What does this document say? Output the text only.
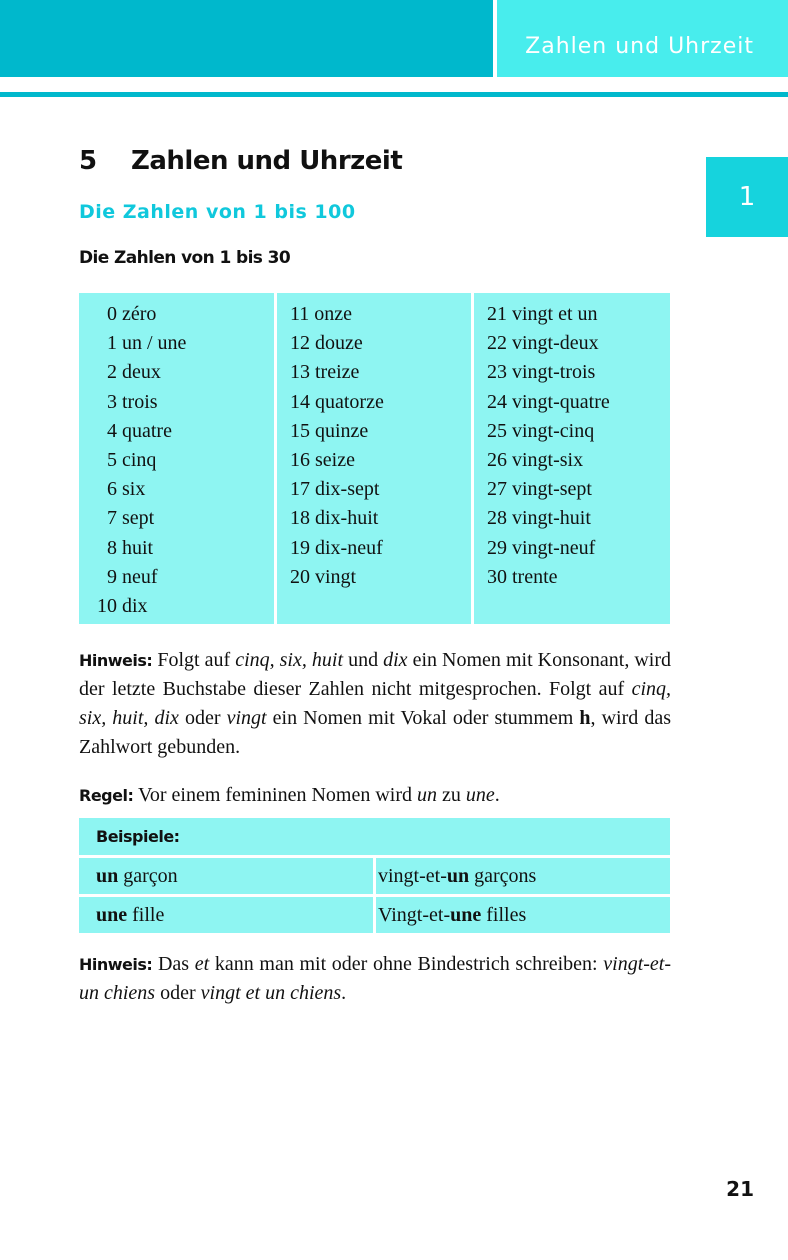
Zahlen und Uhrzeit
1
5 Zahlen und Uhrzeit
Die Zahlen von 1 bis 100
Die Zahlen von 1 bis 30
0 zéro
1 un / une
2 deux
3 trois
4 quatre
5 cinq
6 six
7 sept
8 huit
9 neuf
10 dix
11 onze
12 douze
13 treize
14 quatorze
15 quinze
16 seize
17 dix-sept
18 dix-huit
19 dix-neuf
20 vingt
21 vingt et un
22 vingt-deux
23 vingt-trois
24 vingt-quatre
25 vingt-cinq
26 vingt-six
27 vingt-sept
28 vingt-huit
29 vingt-neuf
30 trente
Hinweis: Folgt auf cinq, six, huit und dix ein Nomen mit Konsonant, wird der letzte Buchstabe dieser Zahlen nicht mitgesprochen. Folgt auf cinq, six, huit, dix oder vingt ein Nomen mit Vokal oder stummem h, wird das Zahlwort gebunden.
Regel: Vor einem femininen Nomen wird un zu une.
Beispiele:
un garçon	vingt-et- un garçons
une fille	Vingt-et- une filles
Hinweis: Das et kann man mit oder ohne Bindestrich schreiben: vingt-et-un chiens oder vingt et un chiens.
21
